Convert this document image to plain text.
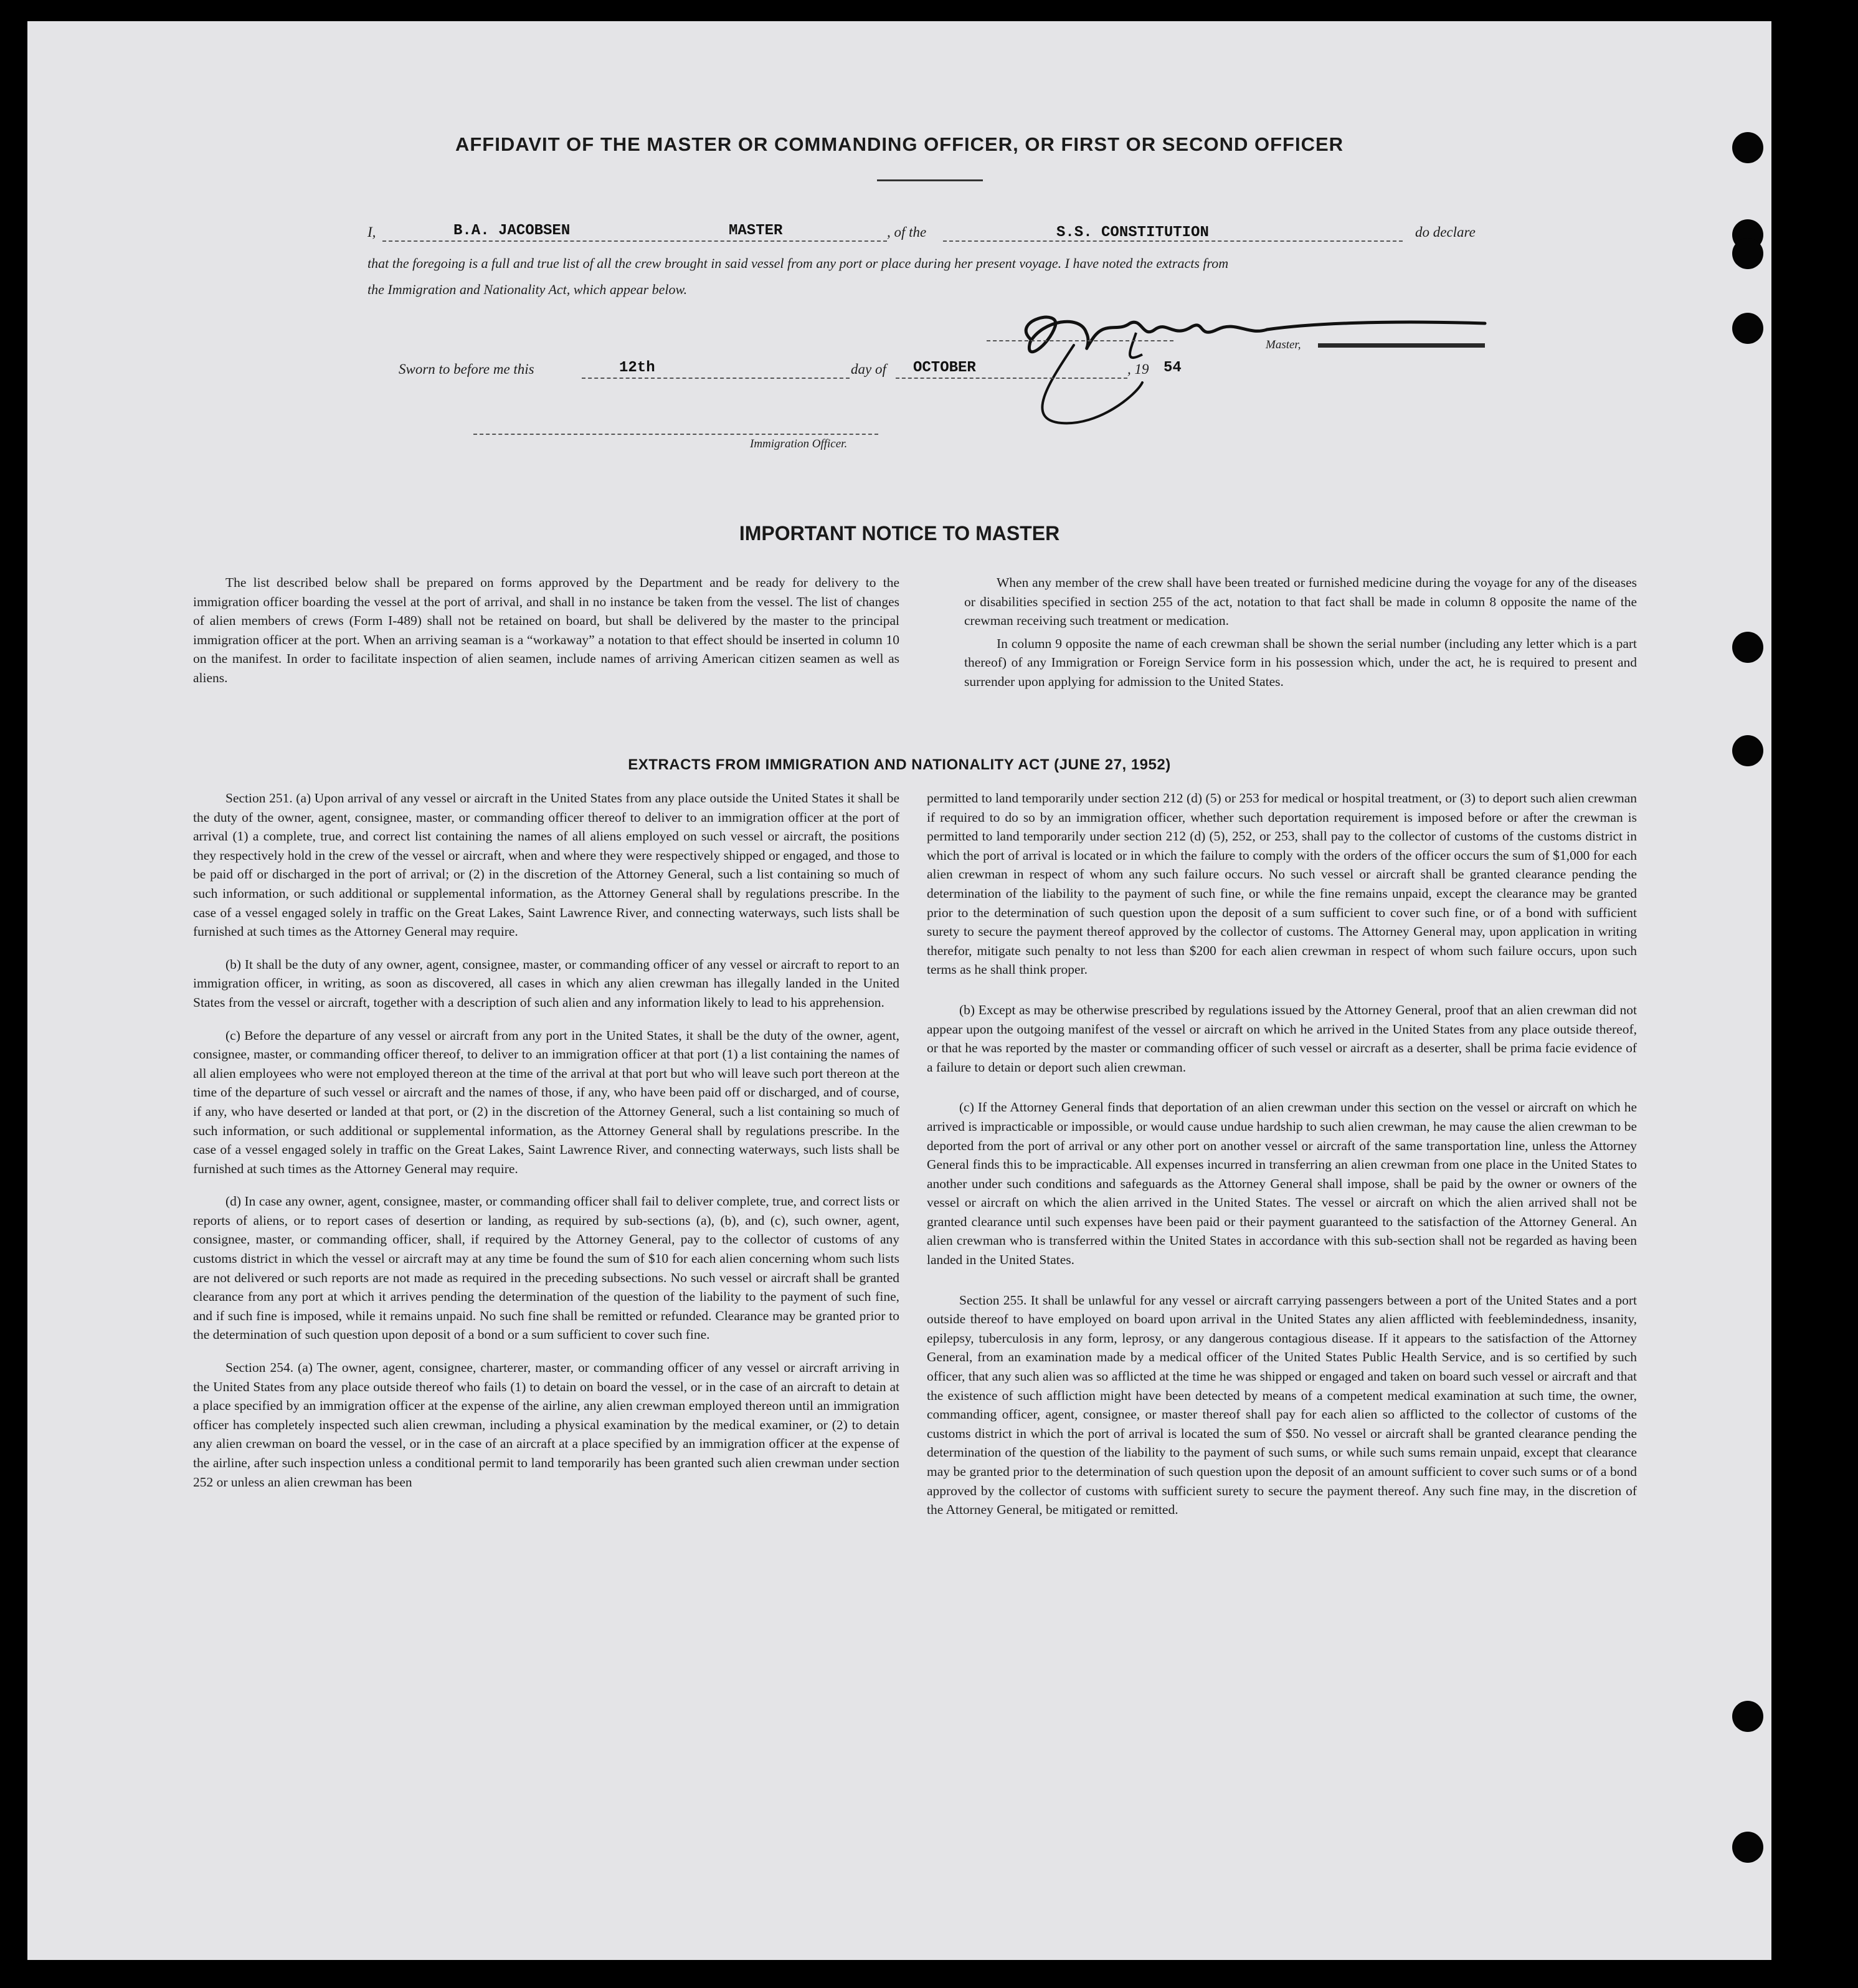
AFFIDAVIT OF THE MASTER OR COMMANDING OFFICER, OR FIRST OR SECOND OFFICER
I,	B.A. JACOBSEN	MASTER	, of the	S.S. CONSTITUTION	do declare
that the foregoing is a full and true list of all the crew brought in said vessel from any port or place during her present voyage. I have noted the extracts from
the Immigration and Nationality Act, which appear below.
Master,
Sworn to before me this	12th	day of OCTOBER	, 19 54
Immigration Officer.
IMPORTANT NOTICE TO MASTER

The list described below shall be prepared on forms approved by the Department and be ready for delivery to the immigration officer boarding the vessel at the port of arrival, and shall in no instance be taken from the vessel. The list of changes of alien members of crews (Form I-489) shall not be retained on board, but shall be delivered by the master to the principal immigration officer at the port. When an arriving seaman is a “workaway” a notation to that effect should be inserted in column 10 on the manifest. In order to facilitate inspection of alien seamen, include names of arriving American citizen seamen as well as aliens.

When any member of the crew shall have been treated or furnished medicine during the voyage for any of the diseases or disabilities specified in section 255 of the act, notation to that fact shall be made in column 8 opposite the name of the crewman receiving such treatment or medication.

In column 9 opposite the name of each crewman shall be shown the serial number (including any letter which is a part thereof) of any Immigration or Foreign Service form in his possession which, under the act, he is required to present and surrender upon applying for admission to the United States.

EXTRACTS FROM IMMIGRATION AND NATIONALITY ACT (JUNE 27, 1952)

Section 251. (a) Upon arrival of any vessel or aircraft in the United States from any place outside the United States it shall be the duty of the owner, agent, consignee, master, or commanding officer thereof to deliver to an immigration officer at the port of arrival (1) a complete, true, and correct list containing the names of all aliens employed on such vessel or aircraft, the positions they respectively hold in the crew of the vessel or aircraft, when and where they were respectively shipped or engaged, and those to be paid off or discharged in the port of arrival; or (2) in the discretion of the Attorney General, such a list containing so much of such information, or such additional or supplemental information, as the Attorney General shall by regulations prescribe. In the case of a vessel engaged solely in traffic on the Great Lakes, Saint Lawrence River, and connecting waterways, such lists shall be furnished at such times as the Attorney General may require.

(b) It shall be the duty of any owner, agent, consignee, master, or commanding officer of any vessel or aircraft to report to an immigration officer, in writing, as soon as discovered, all cases in which any alien crewman has illegally landed in the United States from the vessel or aircraft, together with a description of such alien and any information likely to lead to his apprehension.

(c) Before the departure of any vessel or aircraft from any port in the United States, it shall be the duty of the owner, agent, consignee, master, or commanding officer thereof, to deliver to an immigration officer at that port (1) a list containing the names of all alien employees who were not employed thereon at the time of the arrival at that port but who will leave such port thereon at the time of the departure of such vessel or aircraft and the names of those, if any, who have been paid off or discharged, and of course, if any, who have deserted or landed at that port, or (2) in the discretion of the Attorney General, such a list containing so much of such information, or such additional or supplemental information, as the Attorney General shall by regulations prescribe. In the case of a vessel engaged solely in traffic on the Great Lakes, Saint Lawrence River, and connecting waterways, such lists shall be furnished at such times as the Attorney General may require.

(d) In case any owner, agent, consignee, master, or commanding officer shall fail to deliver complete, true, and correct lists or reports of aliens, or to report cases of desertion or landing, as required by sub-sections (a), (b), and (c), such owner, agent, consignee, master, or commanding officer, shall, if required by the Attorney General, pay to the collector of customs of any customs district in which the vessel or aircraft may at any time be found the sum of $10 for each alien concerning whom such lists are not delivered or such reports are not made as required in the preceding subsections. No such vessel or aircraft shall be granted clearance from any port at which it arrives pending the determination of the question of the liability to the payment of such fine, and if such fine is imposed, while it remains unpaid. No such fine shall be remitted or refunded. Clearance may be granted prior to the determination of such question upon deposit of a bond or a sum sufficient to cover such fine.

Section 254. (a) The owner, agent, consignee, charterer, master, or commanding officer of any vessel or aircraft arriving in the United States from any place outside thereof who fails (1) to detain on board the vessel, or in the case of an aircraft to detain at a place specified by an immigration officer at the expense of the airline, any alien crewman employed thereon until an immigration officer has completely inspected such alien crewman, including a physical examination by the medical examiner, or (2) to detain any alien crewman on board the vessel, or in the case of an aircraft at a place specified by an immigration officer at the expense of the airline, after such inspection unless a conditional permit to land temporarily has been granted such alien crewman under section 252 or unless an alien crewman has been

permitted to land temporarily under section 212 (d) (5) or 253 for medical or hospital treatment, or (3) to deport such alien crewman if required to do so by an immigration officer, whether such deportation requirement is imposed before or after the crewman is permitted to land temporarily under section 212 (d) (5), 252, or 253, shall pay to the collector of customs of the customs district in which the port of arrival is located or in which the failure to comply with the orders of the officer occurs the sum of $1,000 for each alien crewman in respect of whom any such failure occurs. No such vessel or aircraft shall be granted clearance pending the determination of the liability to the payment of such fine, or while the fine remains unpaid, except the clearance may be granted prior to the determination of such question upon the deposit of a sum sufficient to cover such fine, or of a bond with sufficient surety to secure the payment thereof approved by the collector of customs. The Attorney General may, upon application in writing therefor, mitigate such penalty to not less than $200 for each alien crewman in respect of whom such failure occurs, upon such terms as he shall think proper.

(b) Except as may be otherwise prescribed by regulations issued by the Attorney General, proof that an alien crewman did not appear upon the outgoing manifest of the vessel or aircraft on which he arrived in the United States from any place outside thereof, or that he was reported by the master or commanding officer of such vessel or aircraft as a deserter, shall be prima facie evidence of a failure to detain or deport such alien crewman.

(c) If the Attorney General finds that deportation of an alien crewman under this section on the vessel or aircraft on which he arrived is impracticable or impossible, or would cause undue hardship to such alien crewman, he may cause the alien crewman to be deported from the port of arrival or any other port on another vessel or aircraft of the same transportation line, unless the Attorney General finds this to be impracticable. All expenses incurred in transferring an alien crewman from one place in the United States to another under such conditions and safeguards as the Attorney General shall impose, shall be paid by the owner or owners of the vessel or aircraft on which the alien arrived in the United States. The vessel or aircraft on which the alien arrived shall not be granted clearance until such expenses have been paid or their payment guaranteed to the satisfaction of the Attorney General. An alien crewman who is transferred within the United States in accordance with this sub-section shall not be regarded as having been landed in the United States.

Section 255. It shall be unlawful for any vessel or aircraft carrying passengers between a port of the United States and a port outside thereof to have employed on board upon arrival in the United States any alien afflicted with feeblemindedness, insanity, epilepsy, tuberculosis in any form, leprosy, or any dangerous contagious disease. If it appears to the satisfaction of the Attorney General, from an examination made by a medical officer of the United States Public Health Service, and is so certified by such officer, that any such alien was so afflicted at the time he was shipped or engaged and taken on board such vessel or aircraft and that the existence of such affliction might have been detected by means of a competent medical examination at such time, the owner, commanding officer, agent, consignee, or master thereof shall pay for each alien so afflicted to the collector of customs of the customs district in which the port of arrival is located the sum of $50. No vessel or aircraft shall be granted clearance pending the determination of the question of the liability to the payment of such sums, or while such sums remain unpaid, except that clearance may be granted prior to the determination of such question upon the deposit of an amount sufficient to cover such sums or of a bond approved by the collector of customs with sufficient surety to secure the payment thereof. Any such fine may, in the discretion of the Attorney General, be mitigated or remitted.
